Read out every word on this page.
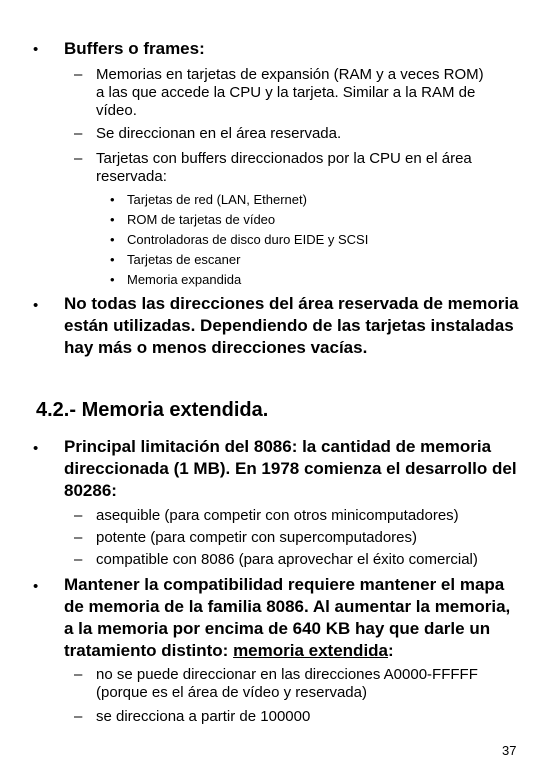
• Buffers o frames:
– Memorias en tarjetas de expansión (RAM y a veces ROM)
a las que accede la CPU y la tarjeta. Similar a la RAM de
vídeo.
– Se direccionan en el área reservada.
– Tarjetas con buffers direccionados por la CPU en el área
reservada:
•
•
•
•
•
Tarjetas de red (LAN, Ethernet)
ROM de tarjetas de vídeo
Controladoras de disco duro EIDE y SCSI
Tarjetas de escaner
Memoria expandida
• No todas las direcciones del área reservada de memoria
están utilizadas. Dependiendo de las tarjetas instaladas
hay más o menos direcciones vacías.
4.2.- Memoria extendida.
• Principal limitación del 8086: la cantidad de memoria
direccionada (1 MB). En 1978 comienza el desarrollo del
80286:
–
–
–
asequible (para competir con otros minicomputadores)
potente (para competir con supercomputadores)
compatible con 8086 (para aprovechar el éxito comercial)
• Mantener la compatibilidad requiere mantener el mapa
de memoria de la familia 8086. Al aumentar la memoria,
a la memoria por encima de 640 KB hay que darle un
tratamiento distinto: memoria extendida:
– no se puede direccionar en las direcciones A0000-FFFFF
(porque es el área de vídeo y reservada)
– se direcciona a partir de 100000
37
